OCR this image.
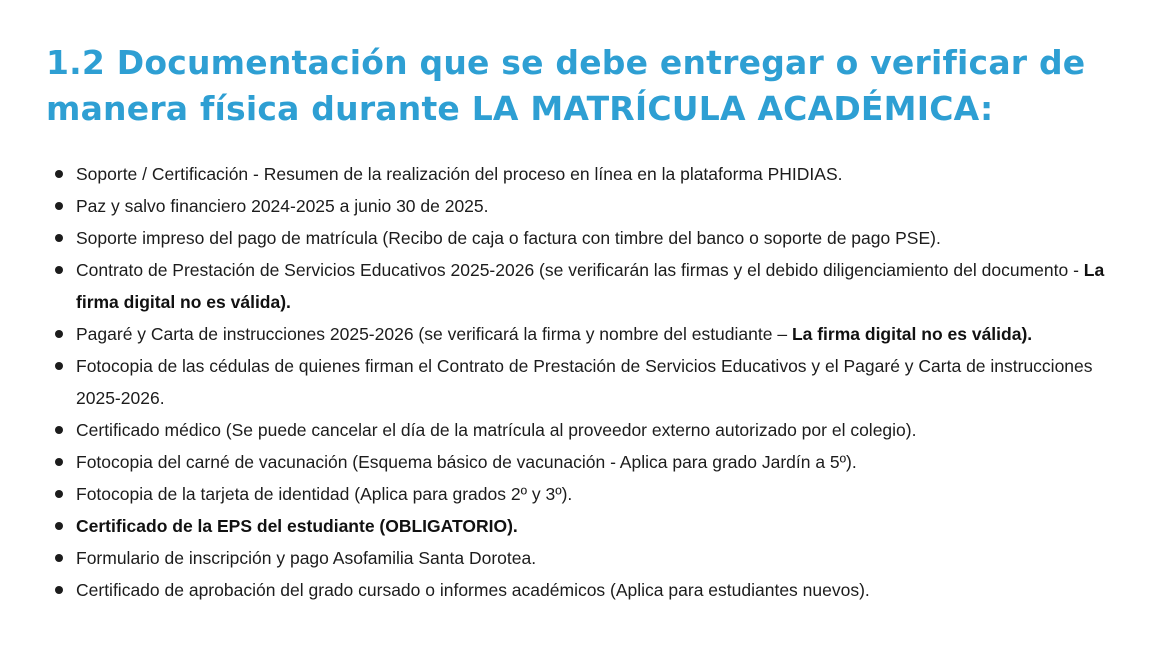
1.2 Documentación que se debe entregar o verificar de manera física durante LA MATRÍCULA ACADÉMICA:
Soporte / Certificación - Resumen de la realización del proceso en línea en la plataforma PHIDIAS.
Paz y salvo financiero 2024-2025 a junio 30 de 2025.
Soporte impreso del pago de matrícula (Recibo de caja o factura con timbre del banco o soporte de pago PSE).
Contrato de Prestación de Servicios Educativos 2025-2026 (se verificarán las firmas y el debido diligenciamiento del documento - La firma digital no es válida).
Pagaré y Carta de instrucciones 2025-2026 (se verificará la firma y nombre del estudiante – La firma digital no es válida).
Fotocopia de las cédulas de quienes firman el Contrato de Prestación de Servicios Educativos y el Pagaré y Carta de instrucciones 2025-2026.
Certificado médico (Se puede cancelar el día de la matrícula al proveedor externo autorizado por el colegio).
Fotocopia del carné de vacunación (Esquema básico de vacunación - Aplica para grado Jardín a 5º).
Fotocopia de la tarjeta de identidad (Aplica para grados 2º y 3º).
Certificado de la EPS del estudiante (OBLIGATORIO).
Formulario de inscripción y pago Asofamilia Santa Dorotea.
Certificado de aprobación del grado cursado o informes académicos (Aplica para estudiantes nuevos).
